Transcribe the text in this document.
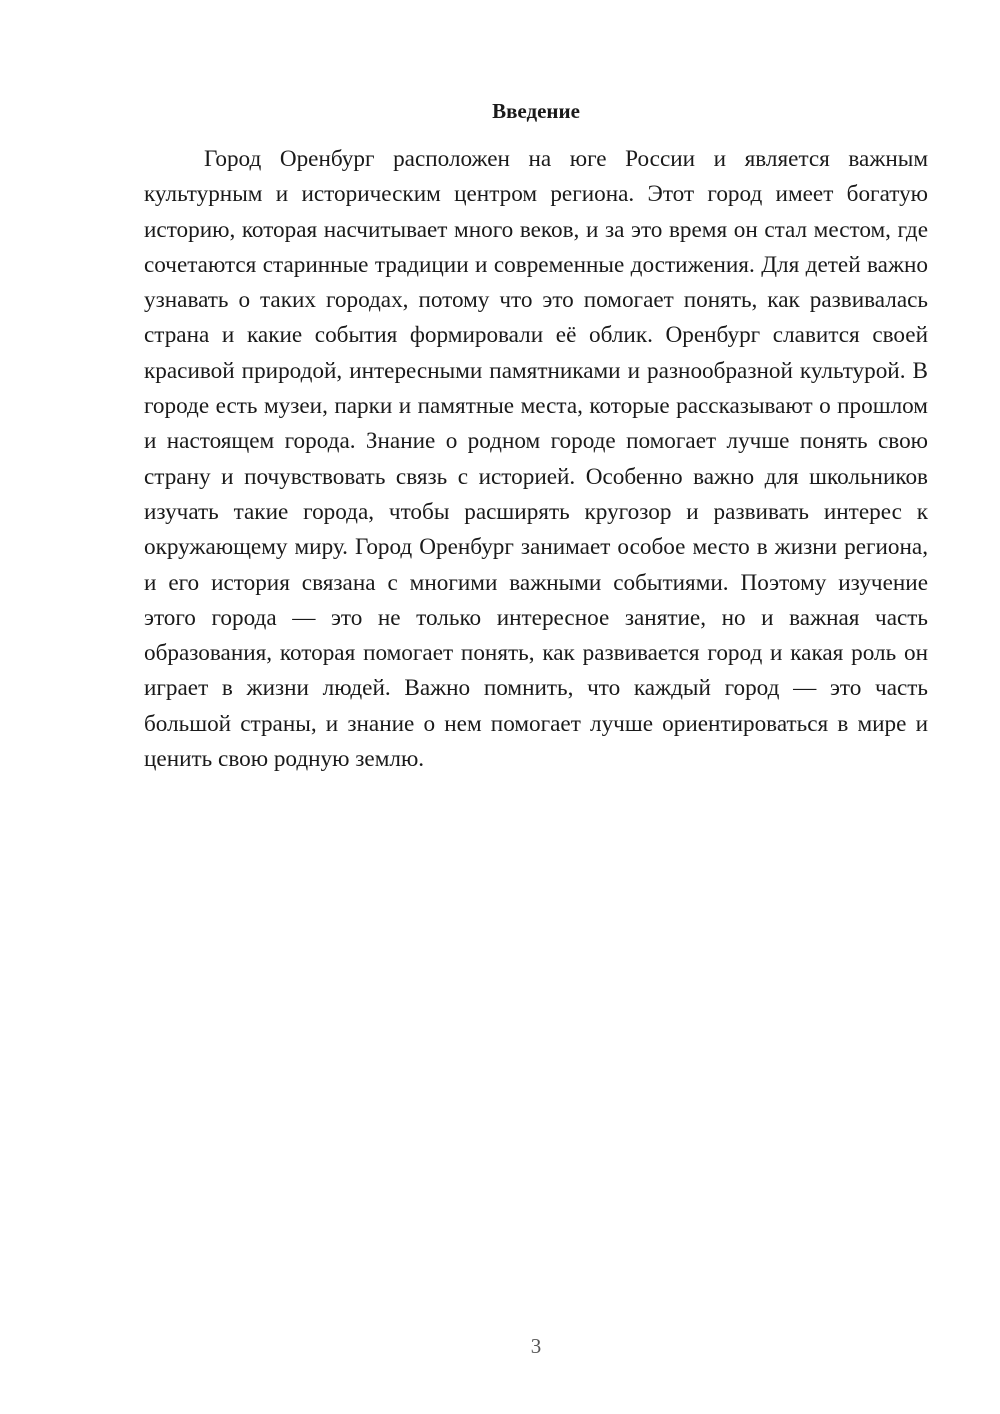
Введение

Город Оренбург расположен на юге России и является важным культурным и историческим центром региона. Этот город имеет богатую историю, которая насчитывает много веков, и за это время он стал местом, где сочетаются старинные традиции и современные достижения. Для детей важно узнавать о таких городах, потому что это помогает понять, как развивалась страна и какие события формировали её облик. Оренбург славится своей красивой природой, интересными памятниками и разнообразной культурой. В городе есть музеи, парки и памятные места, которые рассказывают о прошлом и настоящем города. Знание о родном городе помогает лучше понять свою страну и почувствовать связь с историей. Особенно важно для школьников изучать такие города, чтобы расширять кругозор и развивать интерес к окружающему миру. Город Оренбург занимает особое место в жизни региона, и его история связана с многими важными событиями. Поэтому изучение этого города — это не только интересное занятие, но и важная часть образования, которая помогает понять, как развивается город и какая роль он играет в жизни людей. Важно помнить, что каждый город — это часть большой страны, и знание о нем помогает лучше ориентироваться в мире и ценить свою родную землю.

3
